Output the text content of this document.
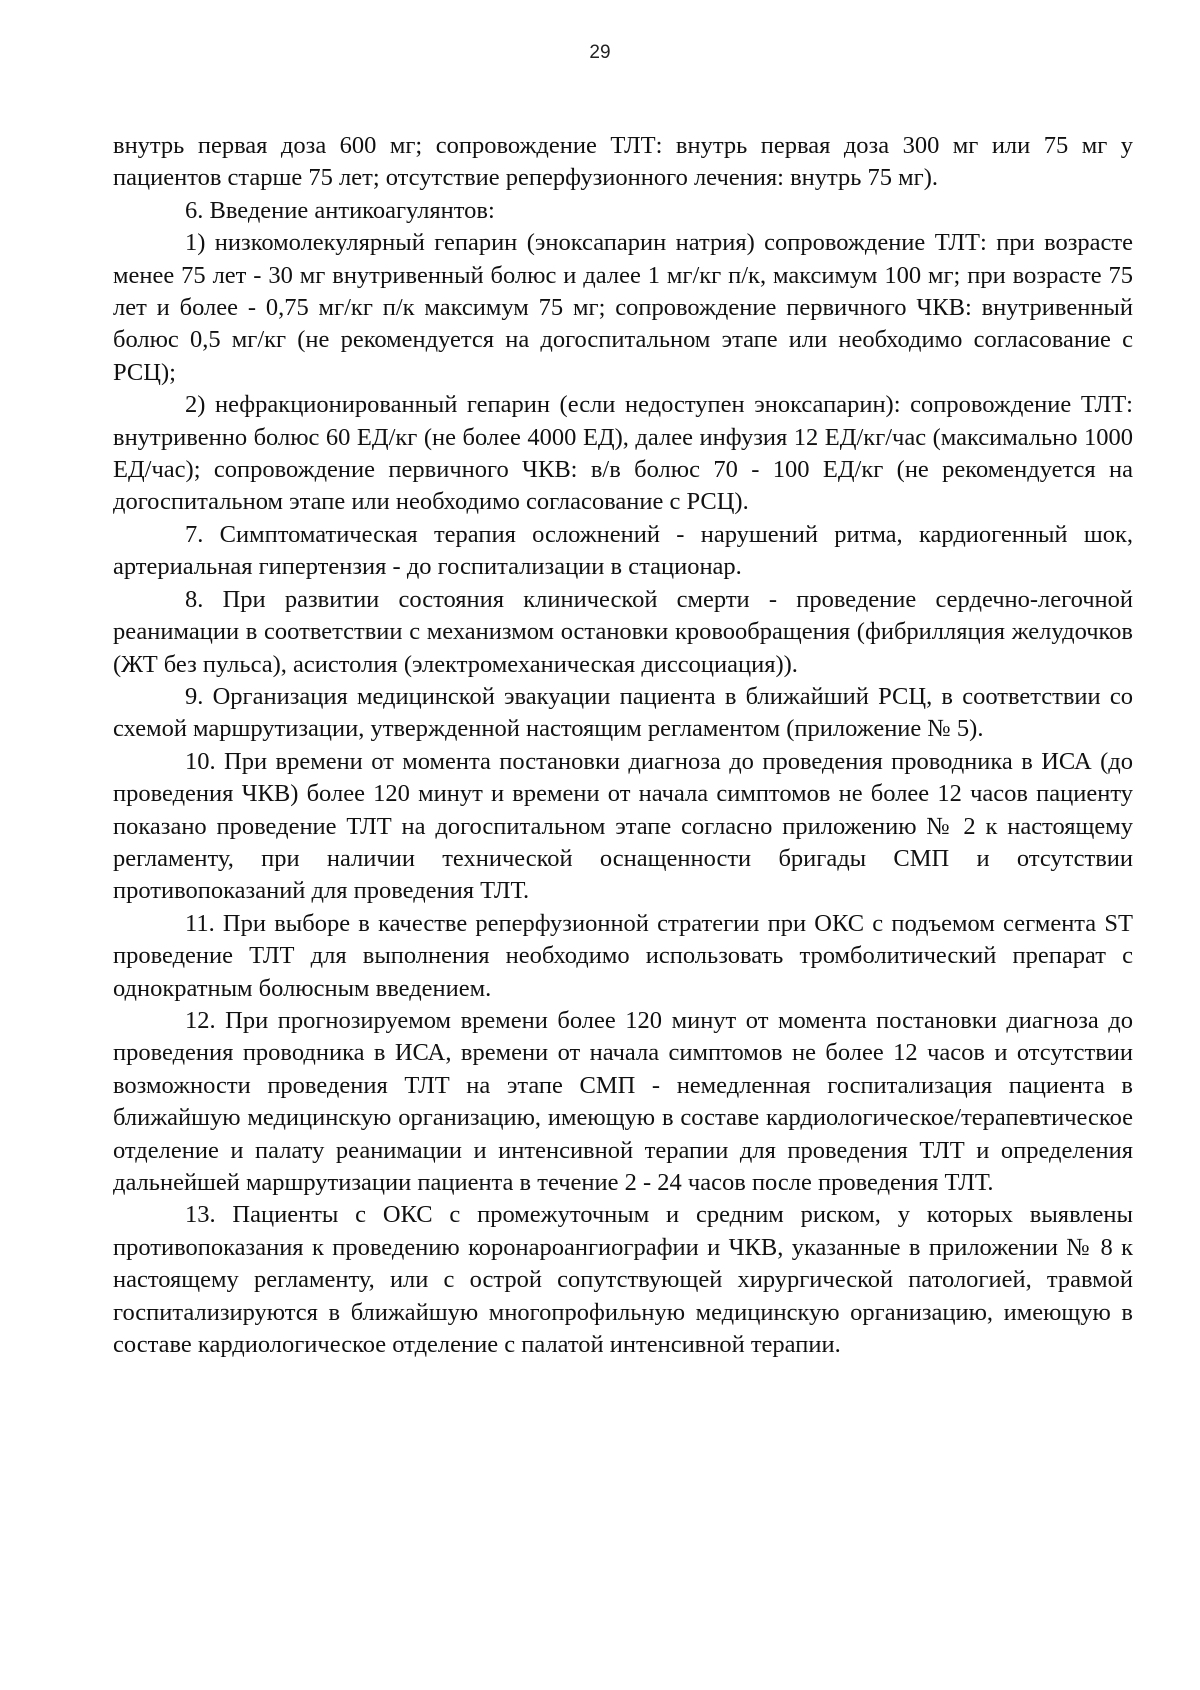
29

внутрь первая доза 600 мг; сопровождение ТЛТ: внутрь первая доза 300 мг или 75 мг у пациентов старше 75 лет; отсутствие реперфузионного лечения: внутрь 75 мг).

6. Введение антикоагулянтов:

1) низкомолекулярный гепарин (эноксапарин натрия) сопровождение ТЛТ: при возрасте менее 75 лет - 30 мг внутривенный болюс и далее 1 мг/кг п/к, максимум 100 мг; при возрасте 75 лет и более - 0,75 мг/кг п/к максимум 75 мг; сопровождение первичного ЧКВ: внутривенный болюс 0,5 мг/кг (не рекомендуется на догоспитальном этапе или необходимо согласование с РСЦ);

2) нефракционированный гепарин (если недоступен эноксапарин): сопровождение ТЛТ: внутривенно болюс 60 ЕД/кг (не более 4000 ЕД), далее инфузия 12 ЕД/кг/час (максимально 1000 ЕД/час); сопровождение первичного ЧКВ: в/в болюс 70 - 100 ЕД/кг (не рекомендуется на догоспитальном этапе или необходимо согласование с РСЦ).

7. Симптоматическая терапия осложнений - нарушений ритма, кардиогенный шок, артериальная гипертензия - до госпитализации в стационар.

8. При развитии состояния клинической смерти - проведение сердечно-легочной реанимации в соответствии с механизмом остановки кровообращения (фибрилляция желудочков (ЖТ без пульса), асистолия (электромеханическая диссоциация)).

9. Организация медицинской эвакуации пациента в ближайший РСЦ, в соответствии со схемой маршрутизации, утвержденной настоящим регламентом (приложение № 5).

10. При времени от момента постановки диагноза до проведения проводника в ИСА (до проведения ЧКВ) более 120 минут и времени от начала симптомов не более 12 часов пациенту показано проведение ТЛТ на догоспитальном этапе согласно приложению № 2 к настоящему регламенту, при наличии технической оснащенности бригады СМП и отсутствии противопоказаний для проведения ТЛТ.

11. При выборе в качестве реперфузионной стратегии при ОКС с подъемом сегмента ST проведение ТЛТ для выполнения необходимо использовать тромболитический препарат с однократным болюсным введением.

12. При прогнозируемом времени более 120 минут от момента постановки диагноза до проведения проводника в ИСА, времени от начала симптомов не более 12 часов и отсутствии возможности проведения ТЛТ на этапе СМП - немедленная госпитализация пациента в ближайшую медицинскую организацию, имеющую в составе кардиологическое/терапевтическое отделение и палату реанимации и интенсивной терапии для проведения ТЛТ и определения дальнейшей маршрутизации пациента в течение 2 - 24 часов после проведения ТЛТ.

13. Пациенты с ОКС с промежуточным и средним риском, у которых выявлены противопоказания к проведению коронароангиографии и ЧКВ, указанные в приложении № 8 к настоящему регламенту, или с острой сопутствующей хирургической патологией, травмой госпитализируются в ближайшую многопрофильную медицинскую организацию, имеющую в составе кардиологическое отделение с палатой интенсивной терапии.
